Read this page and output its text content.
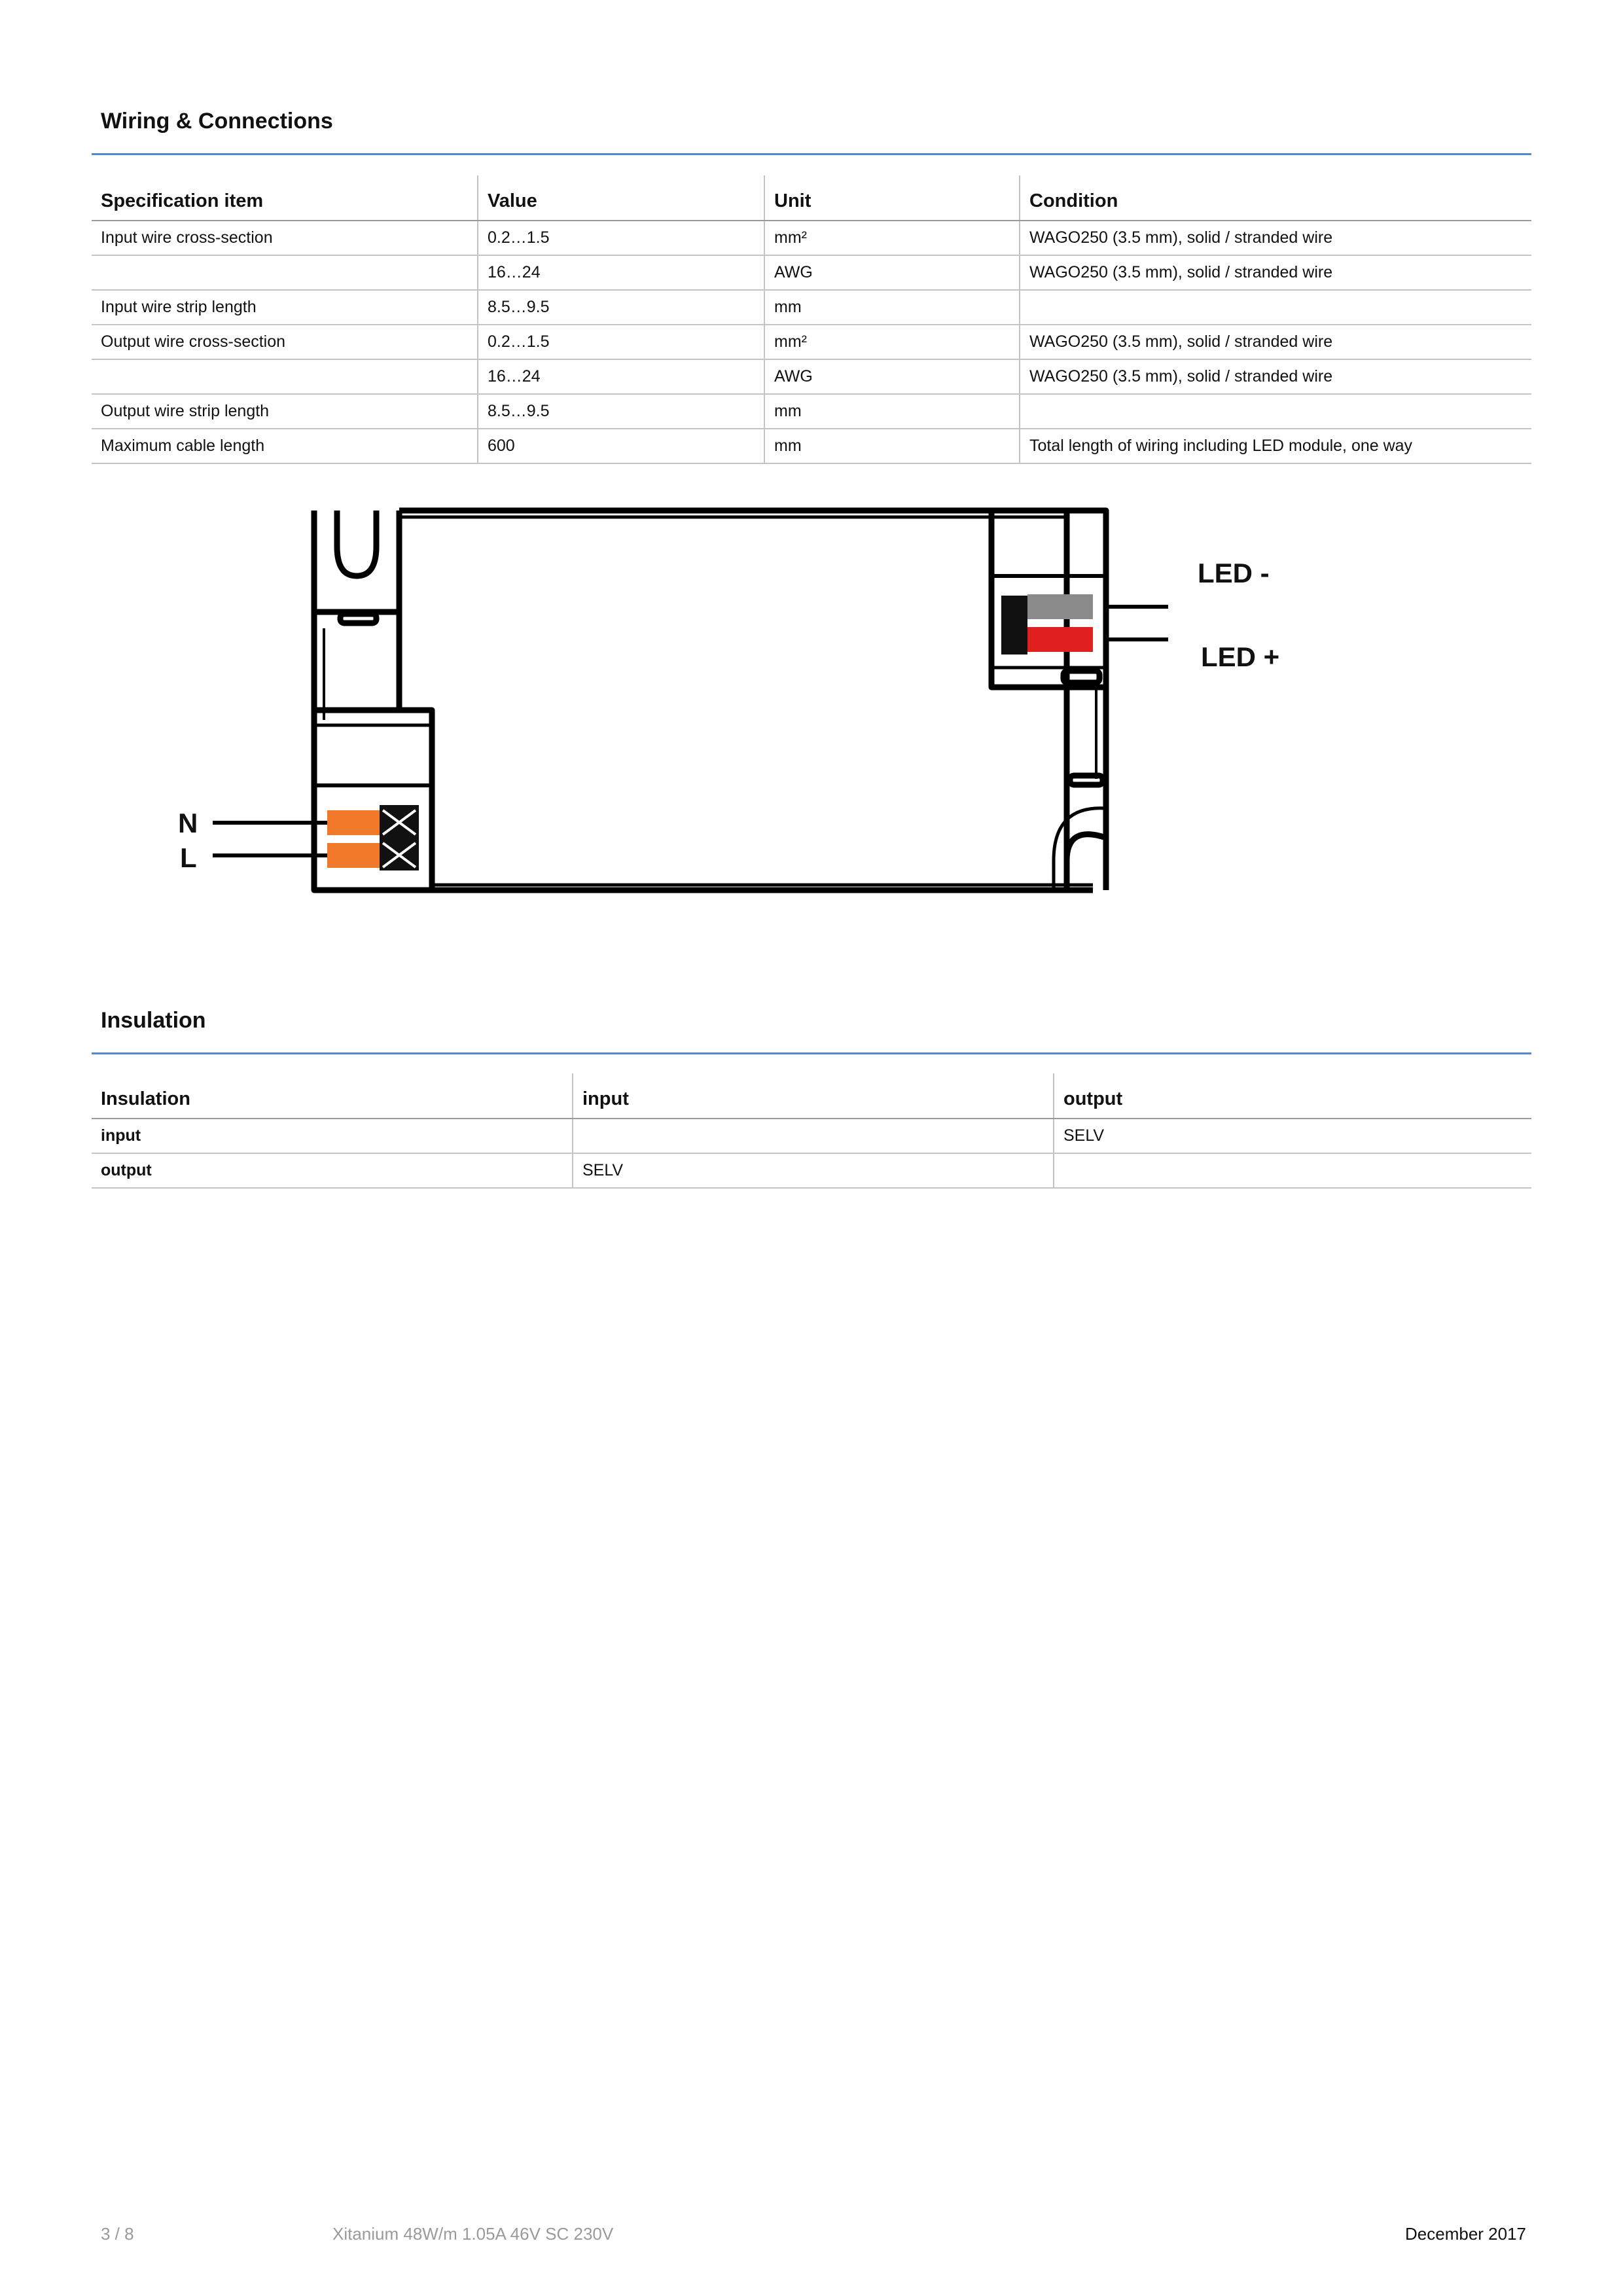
Wiring & Connections
Specification item	Value	Unit	Condition
Input wire cross-section	0.2…1.5	mm²	WAGO250 (3.5 mm), solid / stranded wire
	16…24	AWG	WAGO250 (3.5 mm), solid / stranded wire
Input wire strip length	8.5…9.5	mm	
Output wire cross-section	0.2…1.5	mm²	WAGO250 (3.5 mm), solid / stranded wire
	16…24	AWG	WAGO250 (3.5 mm), solid / stranded wire
Output wire strip length	8.5…9.5	mm	
Maximum cable length	600	mm	Total length of wiring including LED module, one way
LED -
LED +
N
L
Insulation
Insulation	input	output
input		SELV
output	SELV	
3 / 8	Xitanium 48W/m 1.05A 46V SC 230V	December 2017
